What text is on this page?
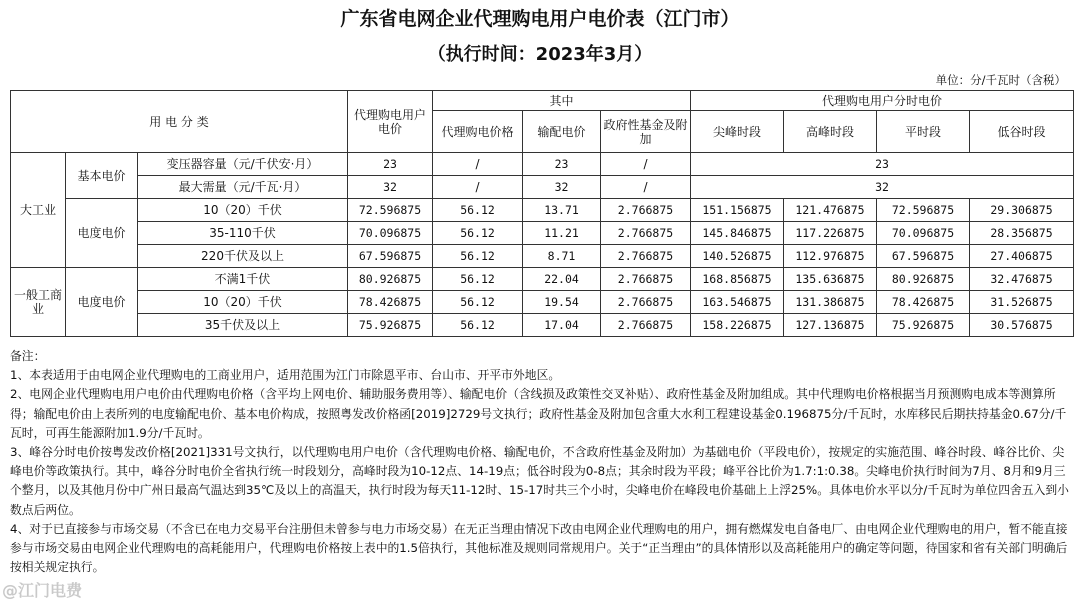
广东省电网企业代理购电用户电价表（江门市）
（执行时间：2023年3月）
单位：分/千瓦时（含税）
用 电 分 类			代理购电用户电价	其中			代理购电用户分时电价			
				代理购电价格	输配电价	政府性基金及附加	尖峰时段	高峰时段	平时段	低谷时段
大工业	基本电价	变压器容量（元/千伏安·月）	23	/	23	/	23			
		最大需量（元/千瓦·月）	32	/	32	/	32			
	电度电价	10（20）千伏	72.596875	56.12	13.71	2.766875	151.156875	121.476875	72.596875	29.306875
		35-110千伏	70.096875	56.12	11.21	2.766875	145.846875	117.226875	70.096875	28.356875
		220千伏及以上	67.596875	56.12	8.71	2.766875	140.526875	112.976875	67.596875	27.406875
一般工商业	电度电价	不满1千伏	80.926875	56.12	22.04	2.766875	168.856875	135.636875	80.926875	32.476875
		10（20）千伏	78.426875	56.12	19.54	2.766875	163.546875	131.386875	78.426875	31.526875
		35千伏及以上	75.926875	56.12	17.04	2.766875	158.226875	127.136875	75.926875	30.576875

备注：

1、本表适用于由电网企业代理购电的工商业用户，适用范围为江门市除恩平市、台山市、开平市外地区。

2、电网企业代理购电用户电价由代理购电价格（含平均上网电价、辅助服务费用等）、输配电价（含线损及政策性交叉补贴）、政府性基金及附加组成。其中代理购电价格根据当月预测购电成本等测算所得；输配电价由上表所列的电度输配电价、基本电价构成，按照粤发改价格函[2019]2729号文执行；政府性基金及附加包含重大水利工程建设基金0.196875分/千瓦时，水库移民后期扶持基金0.67分/千瓦时，可再生能源附加1.9分/千瓦时。

3、峰谷分时电价按粤发改价格[2021]331号文执行，以代理购电用户电价（含代理购电价格、输配电价，不含政府性基金及附加）为基础电价（平段电价），按规定的实施范围、峰谷时段、峰谷比价、尖峰电价等政策执行。其中，峰谷分时电价全省执行统一时段划分，高峰时段为10-12点、14-19点；低谷时段为0-8点；其余时段为平段；峰平谷比价为1.7:1:0.38。尖峰电价执行时间为7月、8月和9月三个整月，以及其他月份中广州日最高气温达到35℃及以上的高温天，执行时段为每天11-12时、15-17时共三个小时，尖峰电价在峰段电价基础上上浮25%。具体电价水平以分/千瓦时为单位四舍五入到小数点后两位。

4、对于已直接参与市场交易（不含已在电力交易平台注册但未曾参与电力市场交易）在无正当理由情况下改由电网企业代理购电的用户，拥有燃煤发电自备电厂、由电网企业代理购电的用户，暂不能直接参与市场交易由电网企业代理购电的高耗能用户，代理购电价格按上表中的1.5倍执行，其他标准及规则同常规用户。关于“正当理由”的具体情形以及高耗能用户的确定等问题，待国家和省有关部门明确后按相关规定执行。

@江门电费
